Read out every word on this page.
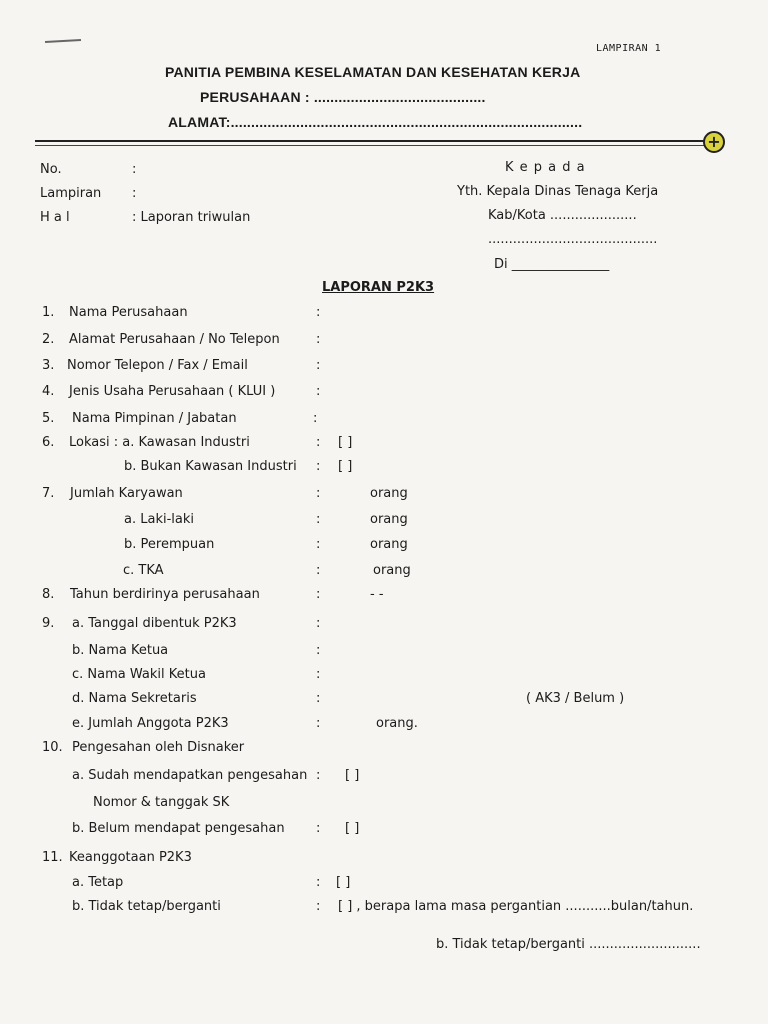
LAMPIRAN 1
PANITIA PEMBINA KESELAMATAN DAN KESEHATAN KERJA
PERUSAHAAN : ..........................................
ALAMAT:......................................................................................
+
No.	:
Lampiran :
H a l	: Laporan triwulan
K e p a d a
Yth. Kepala Dinas Tenaga Kerja
Kab/Kota .....................
.........................................
Di _______________
LAPORAN P2K3
1. Nama Perusahaan	:
2. Alamat Perusahaan / No Telepon	:
3. Nomor Telepon / Fax / Email	:
4. Jenis Usaha Perusahaan ( KLUI )	:
5. Nama Pimpinan / Jabatan	:
6. Lokasi : a. Kawasan Industri	: [ ]
b. Bukan Kawasan Industri : [ ]
7. Jumlah Karyawan	:	orang
a. Laki-laki	:	orang
b. Perempuan	:	orang
c. TKA	:	orang
8. Tahun berdirinya perusahaan	:	- -
9. a. Tanggal dibentuk P2K3	:
b. Nama Ketua	:
c. Nama Wakil Ketua	:
d. Nama Sekretaris	:	( AK3 / Belum )
e. Jumlah Anggota P2K3	:	orang.
10. Pengesahan oleh Disnaker
a. Sudah mendapatkan pengesahan : [ ]
Nomor & tanggak SK
b. Belum mendapat pengesahan : [ ]
11. Keanggotaan P2K3
a. Tetap	: [ ]
b. Tidak tetap/berganti	: [ ] , berapa lama masa pergantian ...........bulan/tahun.
b. Tidak tetap/berganti ...........................
